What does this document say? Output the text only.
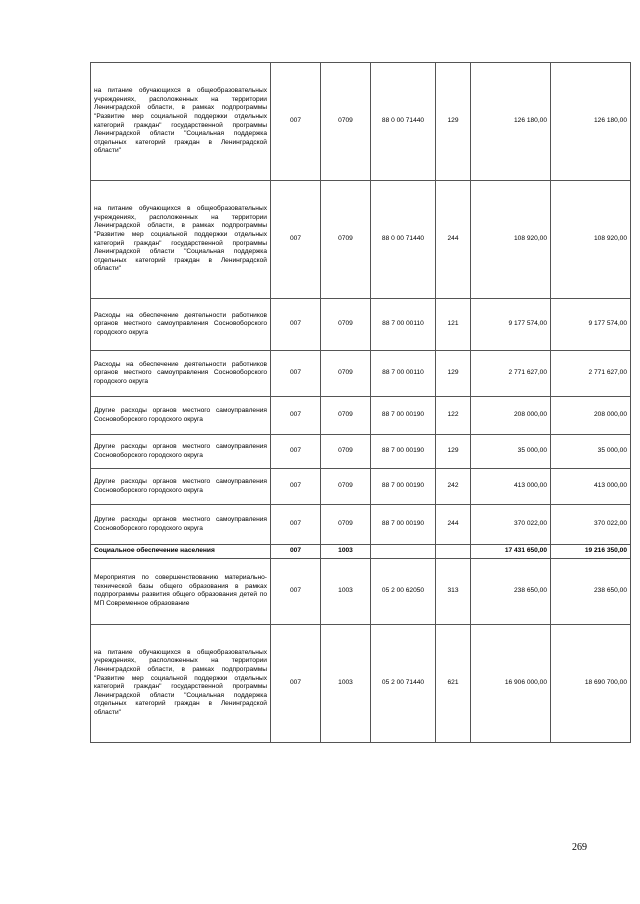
на питание обучающихся в общеобразовательных учреждениях, расположенных на территории Ленинградской области, в рамках подпрограммы "Развитие мер социальной поддержки отдельных категорий граждан" государственной программы Ленинградской области "Социальная поддержка отдельных категорий граждан в Ленинградской области"	007	0709	88 0 00 71440	129	126 180,00	126 180,00
на питание обучающихся в общеобразовательных учреждениях, расположенных на территории Ленинградской области, в рамках подпрограммы "Развитие мер социальной поддержки отдельных категорий граждан" государственной программы Ленинградской области "Социальная поддержка отдельных категорий граждан в Ленинградской области"	007	0709	88 0 00 71440	244	108 920,00	108 920,00
Расходы на обеспечение деятельности работников органов местного самоуправления Сосновоборского городского округа	007	0709	88 7 00 00110	121	9 177 574,00	9 177 574,00
Расходы на обеспечение деятельности работников органов местного самоуправления Сосновоборского городского округа	007	0709	88 7 00 00110	129	2 771 627,00	2 771 627,00
Другие расходы органов местного самоуправления Сосновоборского городского округа	007	0709	88 7 00 00190	122	208 000,00	208 000,00
Другие расходы органов местного самоуправления Сосновоборского городского округа	007	0709	88 7 00 00190	129	35 000,00	35 000,00
Другие расходы органов местного самоуправления Сосновоборского городского округа	007	0709	88 7 00 00190	242	413 000,00	413 000,00
Другие расходы органов местного самоуправления Сосновоборского городского округа	007	0709	88 7 00 00190	244	370 022,00	370 022,00
Социальное обеспечение населения	007	1003			17 431 650,00	19 216 350,00
Мероприятия по совершенствованию материально-технической базы общего образования в рамках подпрограммы развития общего образования детей по МП Современное образование	007	1003	05 2 00 62050	313	238 650,00	238 650,00
на питание обучающихся в общеобразовательных учреждениях, расположенных на территории Ленинградской области, в рамках подпрограммы "Развитие мер социальной поддержки отдельных категорий граждан" государственной программы Ленинградской области "Социальная поддержка отдельных категорий граждан в Ленинградской области"	007	1003	05 2 00 71440	621	16 906 000,00	18 690 700,00
269
